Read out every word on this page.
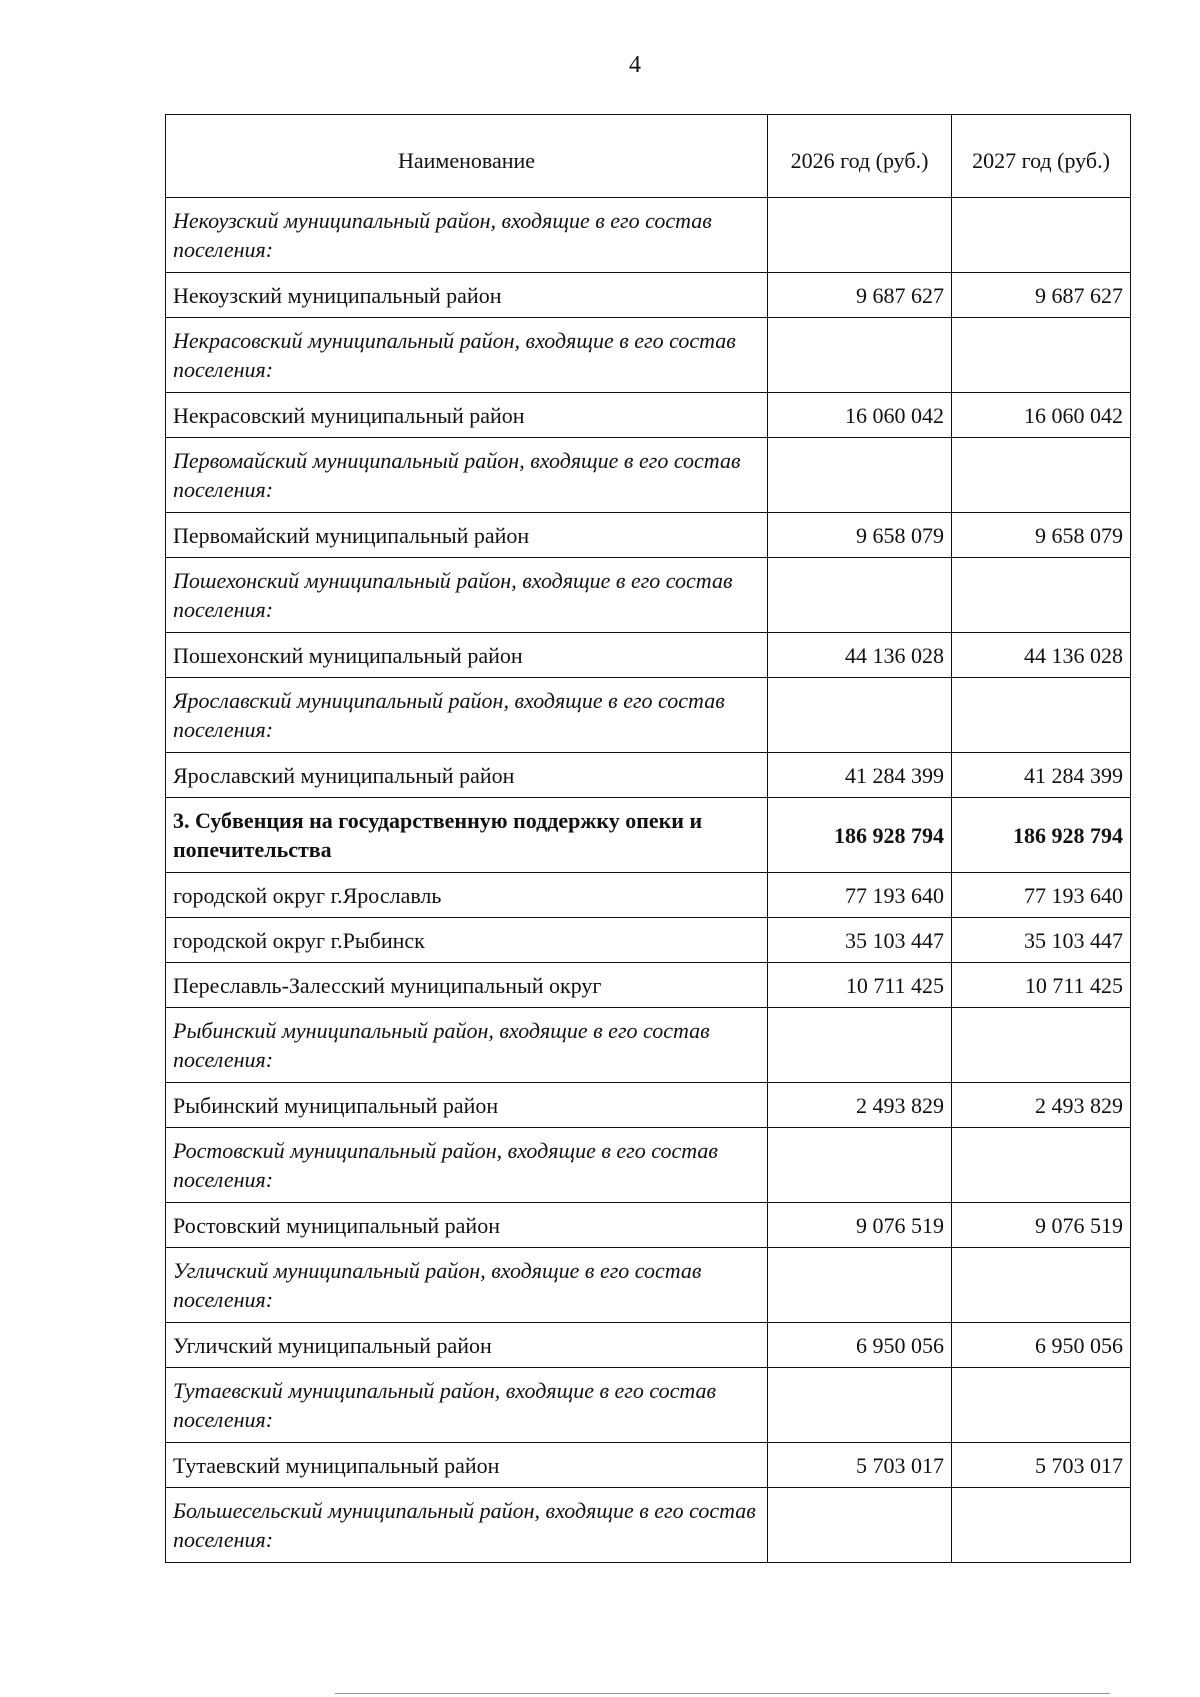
4
Наименование	2026 год (руб.)	2027 год (руб.)
Некоузский муниципальный район, входящие в его состав поселения:		
Некоузский муниципальный район	9 687 627	9 687 627
Некрасовский муниципальный район, входящие в его состав поселения:		
Некрасовский муниципальный район	16 060 042	16 060 042
Первомайский муниципальный район, входящие в его состав поселения:		
Первомайский муниципальный район	9 658 079	9 658 079
Пошехонский муниципальный район, входящие в его состав поселения:		
Пошехонский муниципальный район	44 136 028	44 136 028
Ярославский муниципальный район, входящие в его состав поселения:		
Ярославский муниципальный район	41 284 399	41 284 399
3. Субвенция на государственную поддержку опеки и попечительства	186 928 794	186 928 794
городской округ г.Ярославль	77 193 640	77 193 640
городской округ г.Рыбинск	35 103 447	35 103 447
Переславль-Залесский муниципальный округ	10 711 425	10 711 425
Рыбинский муниципальный район, входящие в его состав поселения:		
Рыбинский муниципальный район	2 493 829	2 493 829
Ростовский муниципальный район, входящие в его состав поселения:		
Ростовский муниципальный район	9 076 519	9 076 519
Угличский муниципальный район, входящие в его состав поселения:		
Угличский муниципальный район	6 950 056	6 950 056
Тутаевский муниципальный район, входящие в его состав поселения:		
Тутаевский муниципальный район	5 703 017	5 703 017
Большесельский муниципальный район, входящие в его состав поселения:		
